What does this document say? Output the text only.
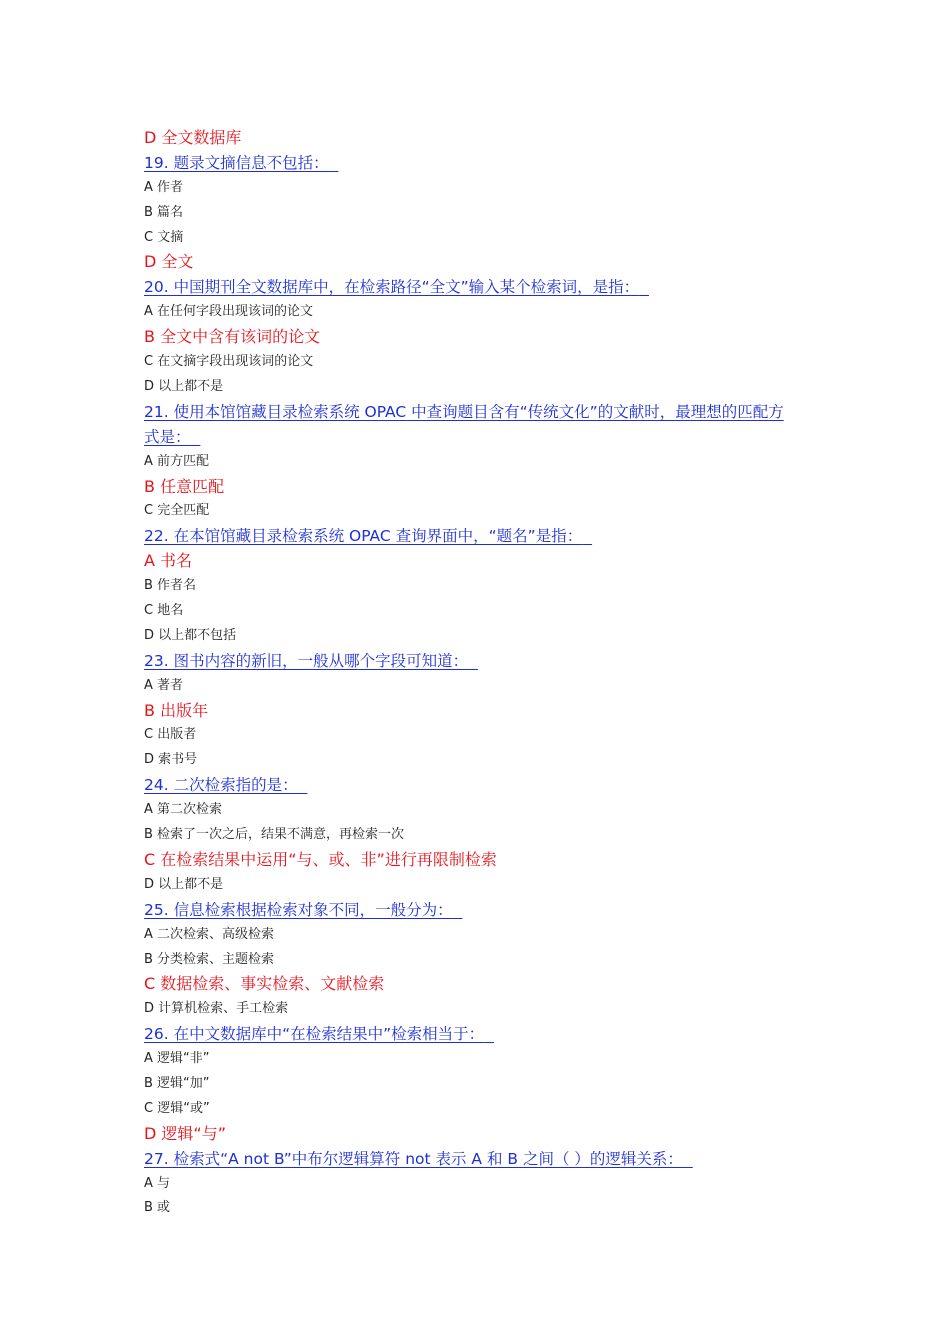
D 全文数据库
19. 题录文摘信息不包括：
A 作者
B 篇名
C 文摘
D 全文
20. 中国期刊全文数据库中，在检索路径“全文”输入某个检索词，是指：
A 在任何字段出现该词的论文
B 全文中含有该词的论文
C 在文摘字段出现该词的论文
D 以上都不是
21. 使用本馆馆藏目录检索系统 OPAC 中查询题目含有“传统文化”的文献时，最理想的匹配方式是：
A 前方匹配
B 任意匹配
C 完全匹配
22. 在本馆馆藏目录检索系统 OPAC 查询界面中，“题名”是指：
A 书名
B 作者名
C 地名
D 以上都不包括
23. 图书内容的新旧，一般从哪个字段可知道：
A 著者
B 出版年
C 出版者
D 索书号
24. 二次检索指的是：
A 第二次检索
B 检索了一次之后，结果不满意，再检索一次
C 在检索结果中运用“与、或、非”进行再限制检索
D 以上都不是
25. 信息检索根据检索对象不同，一般分为：
A 二次检索、高级检索
B 分类检索、主题检索
C 数据检索、事实检索、文献检索
D 计算机检索、手工检索
26. 在中文数据库中“在检索结果中”检索相当于：
A 逻辑“非”
B 逻辑“加”
C 逻辑“或”
D 逻辑“与”
27. 检索式“A not B”中布尔逻辑算符 not 表示 A 和 B 之间（ ）的逻辑关系：
A 与
B 或
